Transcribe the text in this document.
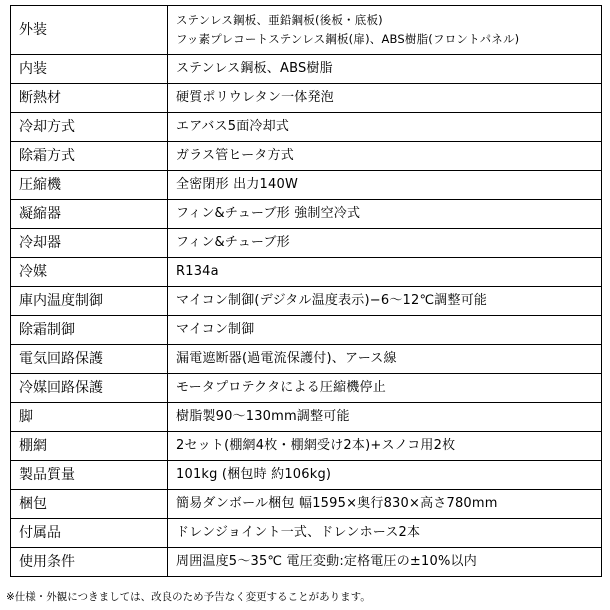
外装	ステンレス鋼板、亜鉛鋼板(後板・底板)
フッ素プレコートステンレス鋼板(扉)、ABS樹脂(フロントパネル)

内装	ステンレス鋼板、ABS樹脂

断熱材	硬質ポリウレタン一体発泡

冷却方式	エアバス5面冷却式

除霜方式	ガラス管ヒータ方式

圧縮機	全密閉形 出力140W

凝縮器	フィン&チューブ形 強制空冷式

冷却器	フィン&チューブ形

冷媒	R134a

庫内温度制御	マイコン制御(デジタル温度表示)−6〜12℃調整可能

除霜制御	マイコン制御

電気回路保護	漏電遮断器(過電流保護付)、アース線

冷媒回路保護	モータプロテクタによる圧縮機停止

脚	樹脂製90〜130mm調整可能

棚網	2セット(棚網4枚・棚網受け2本)+スノコ用2枚

製品質量	101kg (梱包時 約106kg)

梱包	簡易ダンボール梱包 幅1595×奥行830×高さ780mm

付属品	ドレンジョイント一式、ドレンホース2本

使用条件	周囲温度5〜35℃ 電圧変動:定格電圧の±10%以内
※仕様・外観につきましては、改良のため予告なく変更することがあります。
